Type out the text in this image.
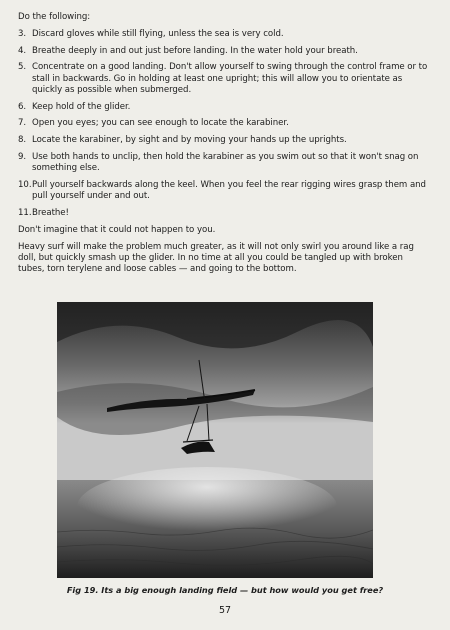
Do the following:
3. Discard gloves while still flying, unless the sea is very cold.
4. Breathe deeply in and out just before landing. In the water hold your breath.
5. Concentrate on a good landing. Don't allow yourself to swing through the control frame or to stall in backwards. Go in holding at least one upright; this will allow you to orientate as quickly as possible when submerged.
6. Keep hold of the glider.
7. Open you eyes; you can see enough to locate the karabiner.
8. Locate the karabiner, by sight and by moving your hands up the uprights.
9. Use both hands to unclip, then hold the karabiner as you swim out so that it won't snag on something else.
10. Pull yourself backwards along the keel. When you feel the rear rigging wires grasp them and pull yourself under and out.
11. Breathe!
Don't imagine that it could not happen to you.
Heavy surf will make the problem much greater, as it will not only swirl you around like a rag doll, but quickly smash up the glider. In no time at all you could be tangled up with broken tubes, torn terylene and loose cables — and going to the bottom.
Fig 19. Its a big enough landing field — but how would you get free?
57
